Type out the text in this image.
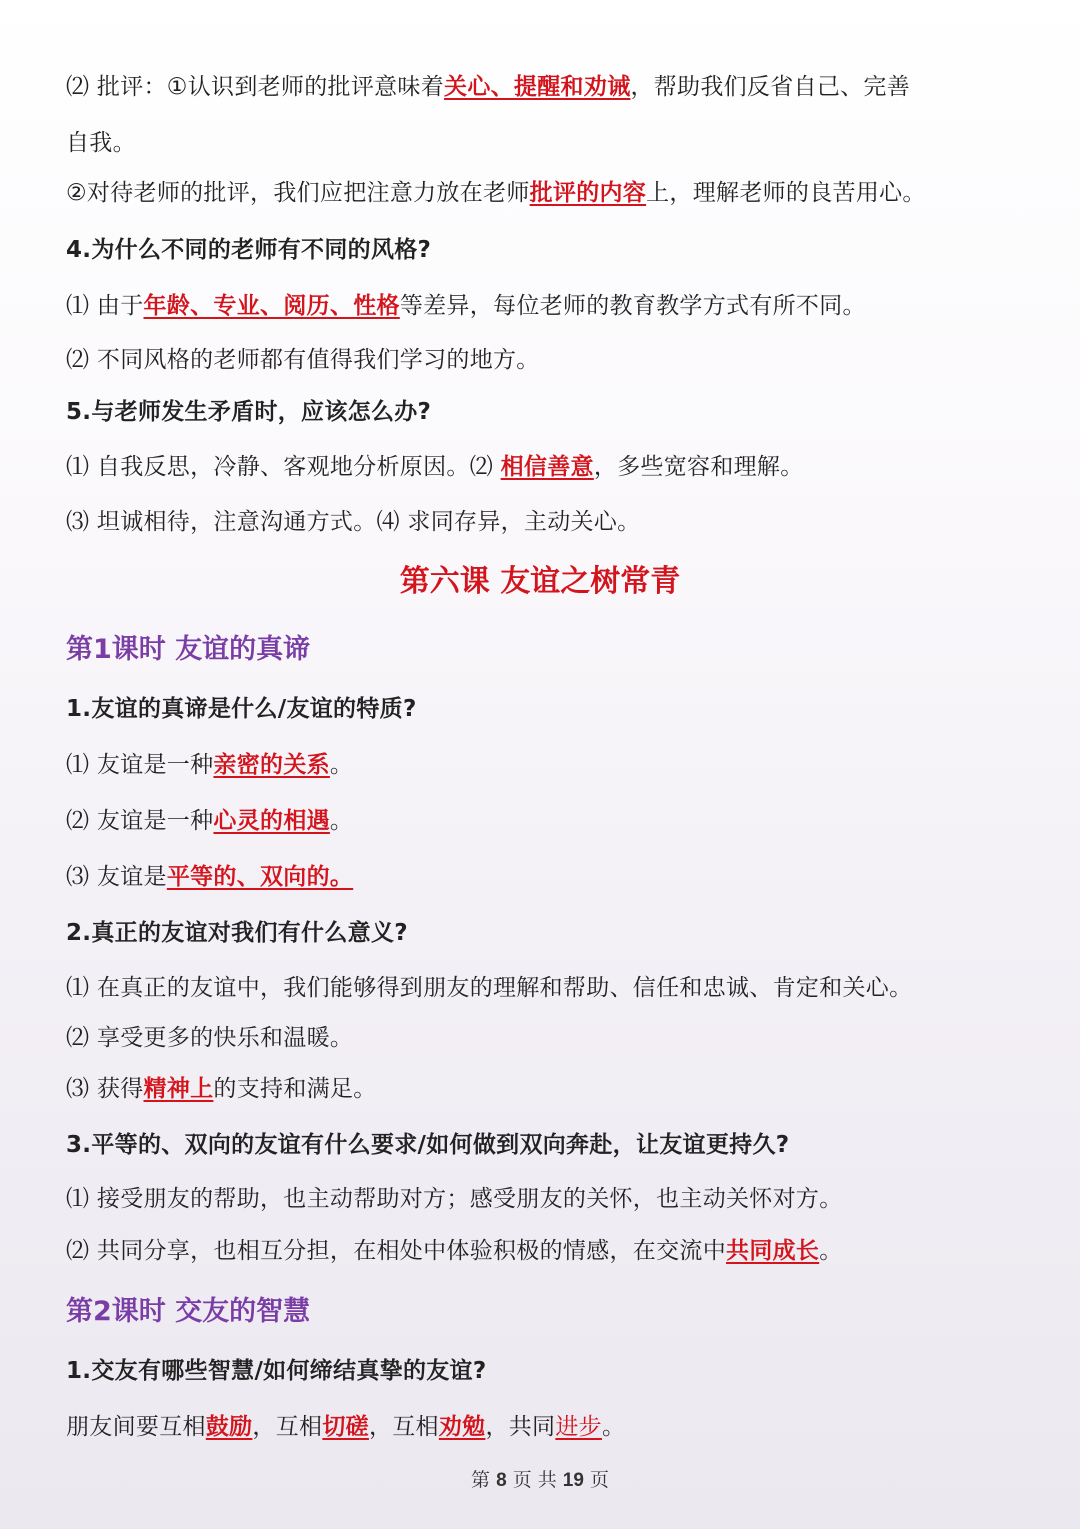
⑵ 批评：①认识到老师的批评意味着关心、提醒和劝诫，帮助我们反省自己、完善
自我。
②对待老师的批评，我们应把注意力放在老师批评的内容上，理解老师的良苦用心。
4.为什么不同的老师有不同的风格?
⑴ 由于年龄、专业、阅历、性格等差异，每位老师的教育教学方式有所不同。
⑵ 不同风格的老师都有值得我们学习的地方。
5.与老师发生矛盾时，应该怎么办?
⑴ 自我反思，冷静、客观地分析原因。⑵ 相信善意，多些宽容和理解。
⑶ 坦诚相待，注意沟通方式。⑷ 求同存异，主动关心。
第六课 友谊之树常青
第1课时 友谊的真谛
1.友谊的真谛是什么/友谊的特质?
⑴ 友谊是一种亲密的关系。
⑵ 友谊是一种心灵的相遇。
⑶ 友谊是平等的、双向的。
2.真正的友谊对我们有什么意义?
⑴ 在真正的友谊中，我们能够得到朋友的理解和帮助、信任和忠诚、肯定和关心。
⑵ 享受更多的快乐和温暖。
⑶ 获得精神上的支持和满足。
3.平等的、双向的友谊有什么要求/如何做到双向奔赴，让友谊更持久?
⑴ 接受朋友的帮助，也主动帮助对方；感受朋友的关怀，也主动关怀对方。
⑵ 共同分享，也相互分担，在相处中体验积极的情感，在交流中共同成长。
第2课时 交友的智慧
1.交友有哪些智慧/如何缔结真挚的友谊?
朋友间要互相鼓励，互相切磋，互相劝勉，共同进步。
第 8 页 共 19 页
